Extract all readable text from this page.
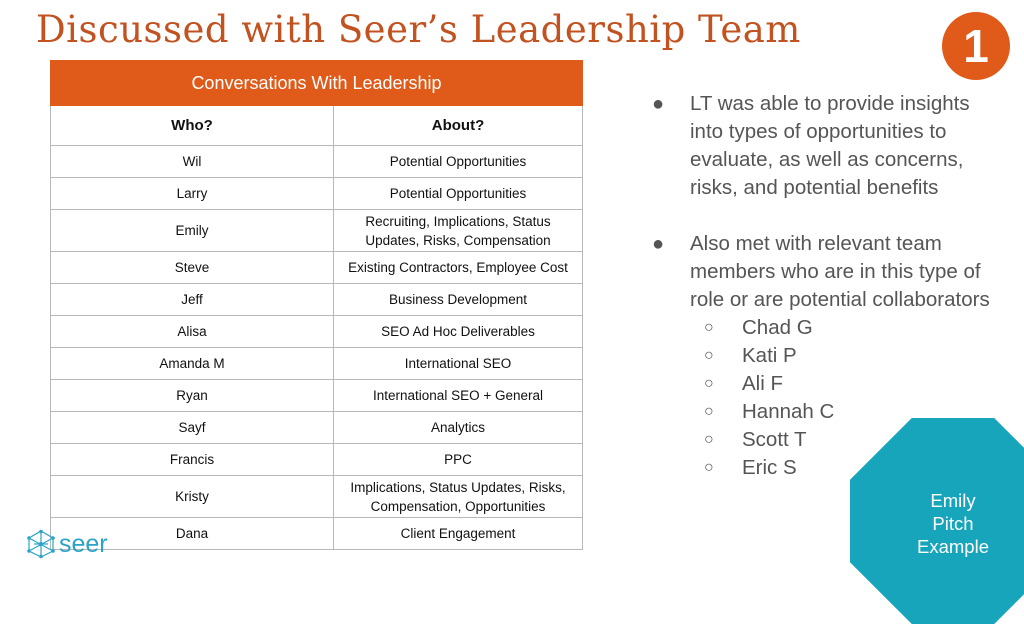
Discussed with Seer’s Leadership Team	1
Conversations With Leadership	
Who?	About?
Wil	Potential Opportunities
Larry	Potential Opportunities
Emily	Recruiting, Implications, Status Updates, Risks, Compensation
Steve	Existing Contractors, Employee Cost
Jeff	Business Development
Alisa	SEO Ad Hoc Deliverables
Amanda M	International SEO
Ryan	International SEO + General
Sayf	Analytics
Francis	PPC
Kristy	Implications, Status Updates, Risks, Compensation, Opportunities
Dana	Client Engagement
● LT was able to provide insights into types of opportunities to evaluate, as well as concerns, risks, and potential benefits
● Also met with relevant team members who are in this type of role or are potential collaborators
○ Chad G
○ Kati P
○ Ali F
○ Hannah C
○ Scott T
○ Eric S
Emily
Pitch
Example
seer
